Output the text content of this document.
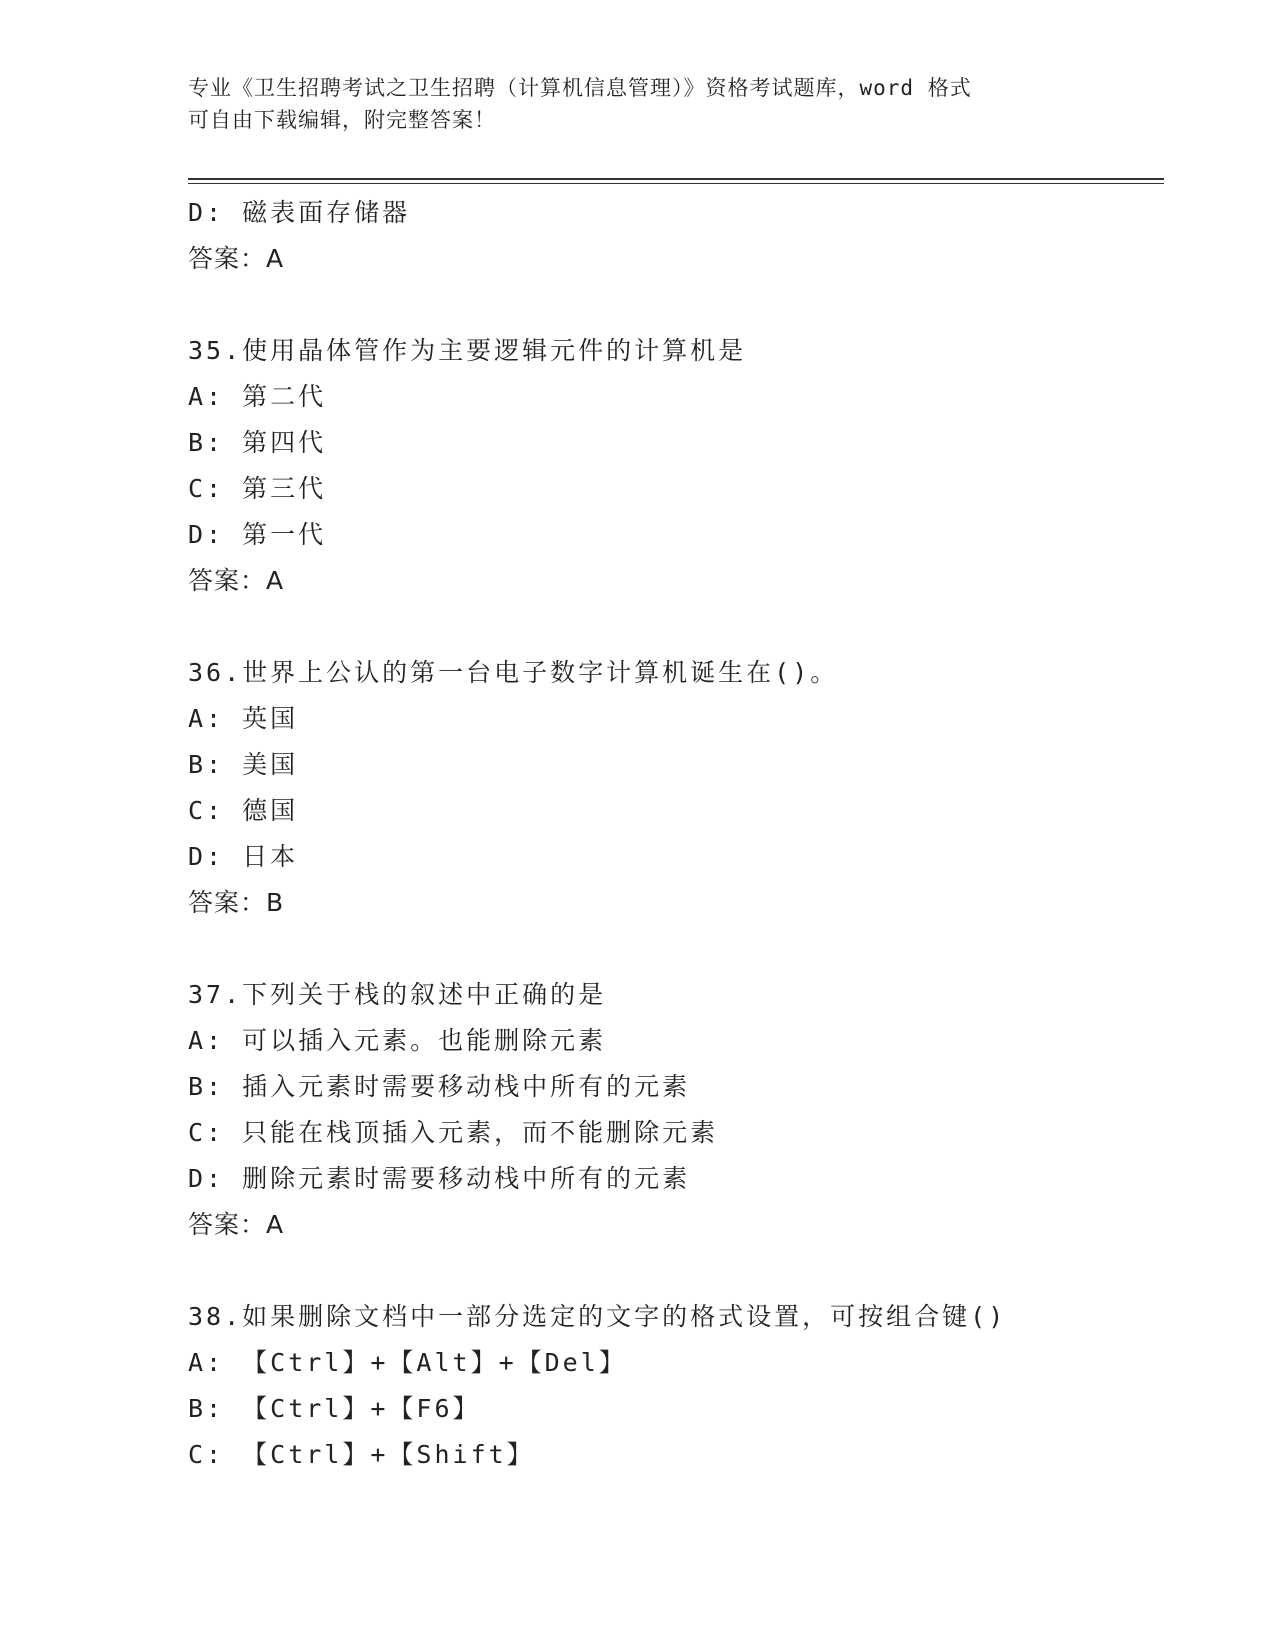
专业《卫生招聘考试之卫生招聘（计算机信息管理）》资格考试题库，word 格式
可自由下载编辑，附完整答案！
D: 磁表面存储器
答案：A
35.使用晶体管作为主要逻辑元件的计算机是
A: 第二代
B: 第四代
C: 第三代
D: 第一代
答案：A
36.世界上公认的第一台电子数字计算机诞生在()。
A: 英国
B: 美国
C: 德国
D: 日本
答案：B
37.下列关于栈的叙述中正确的是
A: 可以插入元素。也能删除元素
B: 插入元素时需要移动栈中所有的元素
C: 只能在栈顶插入元素，而不能删除元素
D: 删除元素时需要移动栈中所有的元素
答案：A
38.如果删除文档中一部分选定的文字的格式设置，可按组合键()
A: 【Ctrl】+【Alt】+【Del】
B: 【Ctrl】+【F6】
C: 【Ctrl】+【Shift】
